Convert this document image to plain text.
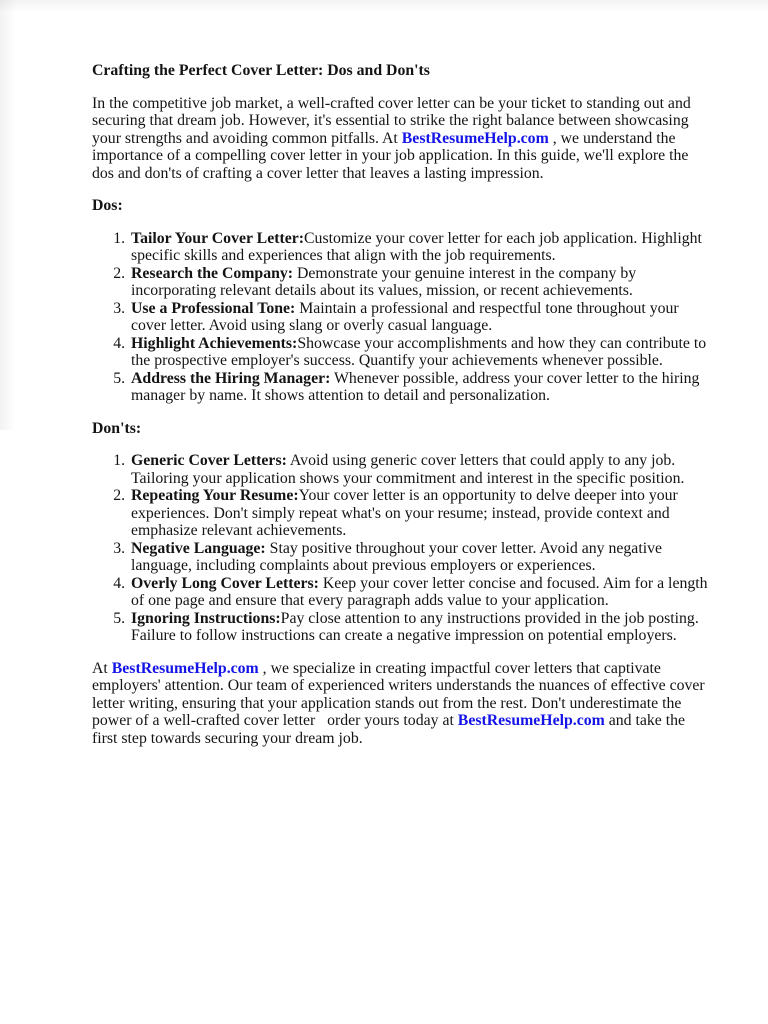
Crafting the Perfect Cover Letter: Dos and Don'ts

In the competitive job market, a well-crafted cover letter can be your ticket to standing out and securing that dream job. However, it's essential to strike the right balance between showcasing your strengths and avoiding common pitfalls. At BestResumeHelp.com , we understand the importance of a compelling cover letter in your job application. In this guide, we'll explore the dos and don'ts of crafting a cover letter that leaves a lasting impression.

Dos:

1. Tailor Your Cover Letter:Customize your cover letter for each job application. Highlight specific skills and experiences that align with the job requirements.
2. Research the Company: Demonstrate your genuine interest in the company by incorporating relevant details about its values, mission, or recent achievements.
3. Use a Professional Tone: Maintain a professional and respectful tone throughout your cover letter. Avoid using slang or overly casual language.
4. Highlight Achievements:Showcase your accomplishments and how they can contribute to the prospective employer's success. Quantify your achievements whenever possible.
5. Address the Hiring Manager: Whenever possible, address your cover letter to the hiring manager by name. It shows attention to detail and personalization.

Don'ts:

1. Generic Cover Letters: Avoid using generic cover letters that could apply to any job. Tailoring your application shows your commitment and interest in the specific position.
2. Repeating Your Resume:Your cover letter is an opportunity to delve deeper into your experiences. Don't simply repeat what's on your resume; instead, provide context and emphasize relevant achievements.
3. Negative Language: Stay positive throughout your cover letter. Avoid any negative language, including complaints about previous employers or experiences.
4. Overly Long Cover Letters: Keep your cover letter concise and focused. Aim for a length of one page and ensure that every paragraph adds value to your application.
5. Ignoring Instructions:Pay close attention to any instructions provided in the job posting. Failure to follow instructions can create a negative impression on potential employers.

At BestResumeHelp.com , we specialize in creating impactful cover letters that captivate employers' attention. Our team of experienced writers understands the nuances of effective cover letter writing, ensuring that your application stands out from the rest. Don't underestimate the power of a well-crafted cover letter   order yours today at BestResumeHelp.com and take the first step towards securing your dream job.
